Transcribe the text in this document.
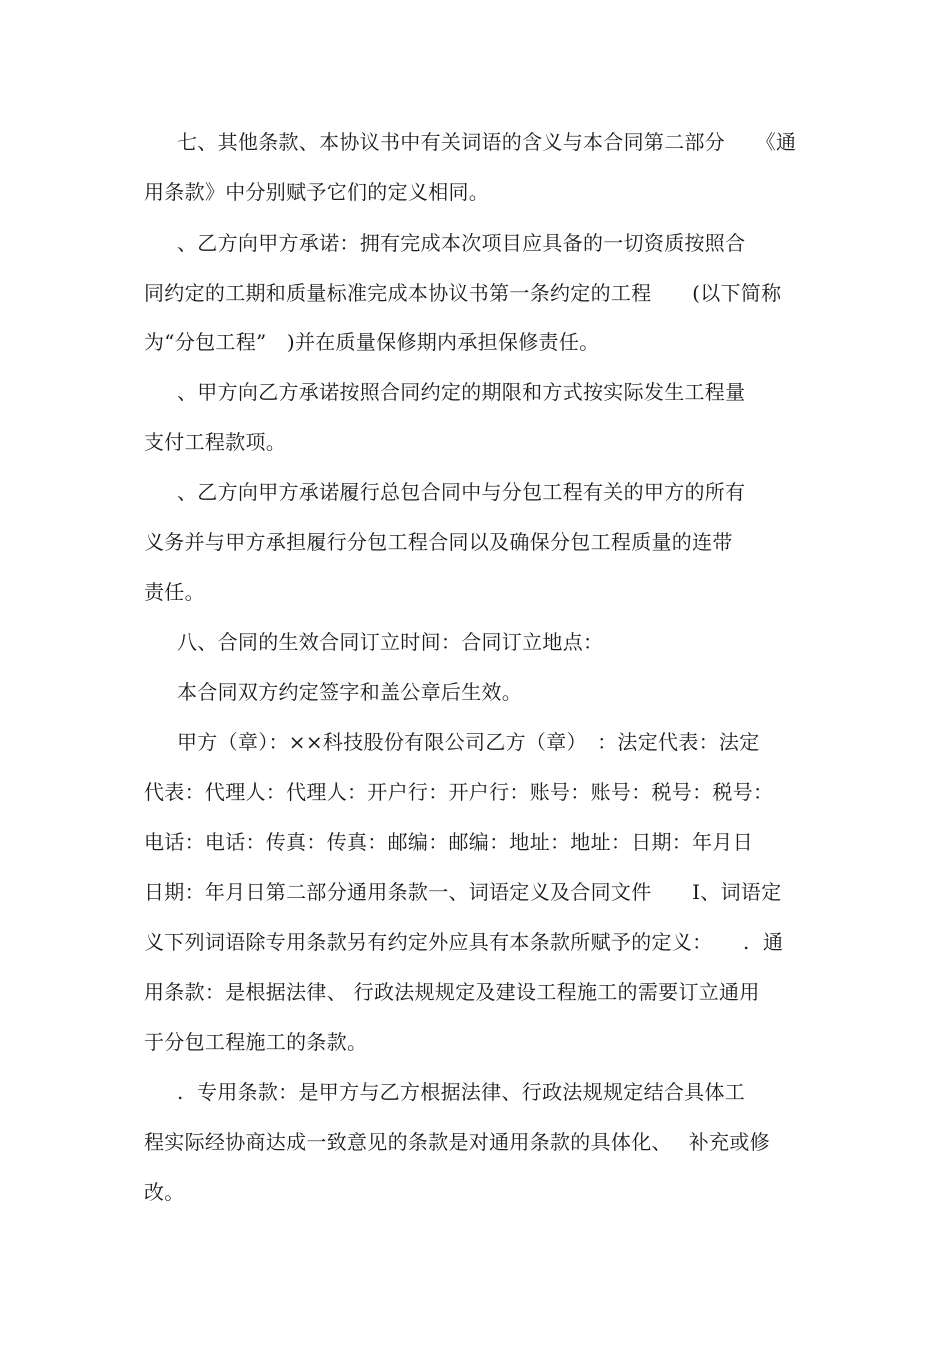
七、其他条款、本协议书中有关词语的含义与本合同第二部分　　《通
用条款》中分别赋予它们的定义相同。
、乙方向甲方承诺：拥有完成本次项目应具备的一切资质按照合
同约定的工期和质量标准完成本协议书第一条约定的工程　　(以下简称
为“分包工程”　)并在质量保修期内承担保修责任。
、甲方向乙方承诺按照合同约定的期限和方式按实际发生工程量
支付工程款项。
、乙方向甲方承诺履行总包合同中与分包工程有关的甲方的所有
义务并与甲方承担履行分包工程合同以及确保分包工程质量的连带
责任。
八、合同的生效合同订立时间：合同订立地点：
本合同双方约定签字和盖公章后生效。
甲方（章）：××科技股份有限公司乙方（章）　：法定代表：法定
代表：代理人：代理人：开户行：开户行：账号：账号：税号：税号：
电话：电话：传真：传真：邮编：邮编：地址：地址：日期：年月日
日期：年月日第二部分通用条款一、词语定义及合同文件　　Ⅰ、词语定
义下列词语除专用条款另有约定外应具有本条款所赋予的定义：　　.  通
用条款：是根据法律、 行政法规规定及建设工程施工的需要订立通用
于分包工程施工的条款。
.  专用条款：是甲方与乙方根据法律、行政法规规定结合具体工
程实际经协商达成一致意见的条款是对通用条款的具体化、　 补充或修
改。
